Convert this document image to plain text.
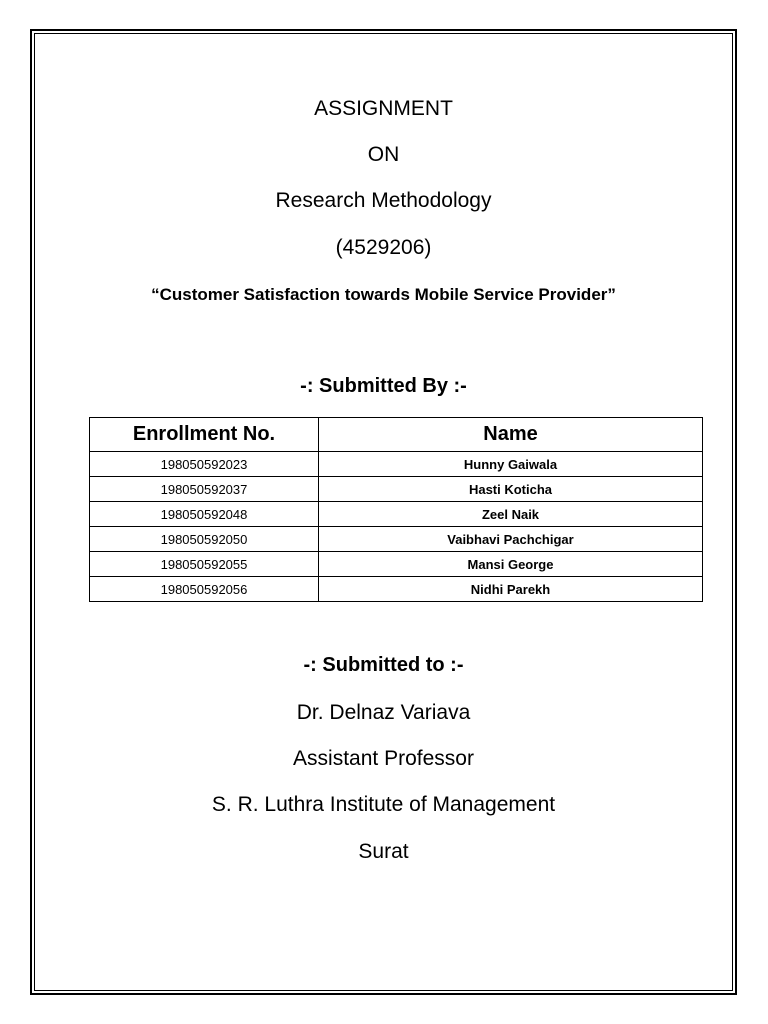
ASSIGNMENT
ON
Research Methodology
(4529206)
“Customer Satisfaction towards Mobile Service Provider”
-: Submitted By :-
Enrollment No.	Name
198050592023	Hunny Gaiwala
198050592037	Hasti Koticha
198050592048	Zeel Naik
198050592050	Vaibhavi Pachchigar
198050592055	Mansi George
198050592056	Nidhi Parekh
-: Submitted to :-
Dr. Delnaz Variava
Assistant Professor
S. R. Luthra Institute of Management
Surat
